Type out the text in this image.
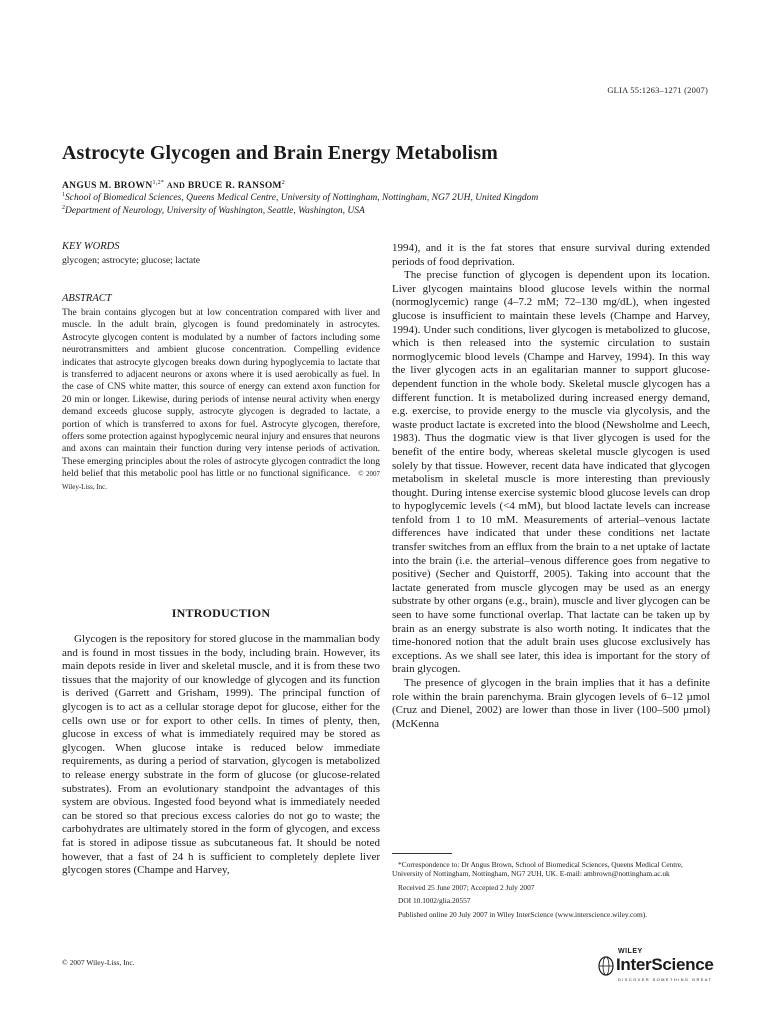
GLIA 55:1263–1271 (2007)
Astrocyte Glycogen and Brain Energy Metabolism
ANGUS M. $BROWN^{1,2*}$ AND BRUCE R. RANSOM$^2$
$^1$School of Biomedical Sciences, Queens Medical Centre, University of Nottingham, Nottingham, NG7 2UH, United Kingdom
$^2$Department of Neurology, University of Washington, Seattle, Washington, USA
KEY WORDS
glycogen; astrocyte; glucose; lactate
ABSTRACT
The brain contains glycogen but at low concentration compared with liver and muscle. In the adult brain, glycogen is found predominately in astrocytes. Astrocyte glycogen content is modulated by a number of factors including some neurotransmitters and ambient glucose concentration. Compelling evidence indicates that astrocyte glycogen breaks down during hypoglycemia to lactate that is transferred to adjacent neurons or axons where it is used aerobically as fuel. In the case of CNS white matter, this source of energy can extend axon function for 20 min or longer. Likewise, during periods of intense neural activity when energy demand exceeds glucose supply, astrocyte glycogen is degraded to lactate, a portion of which is transferred to axons for fuel. Astrocyte glycogen, therefore, offers some protection against hypoglycemic neural injury and ensures that neurons and axons can maintain their function during very intense periods of activation. These emerging principles about the roles of astrocyte glycogen contradict the long held belief that this metabolic pool has little or no functional significance. © 2007 Wiley-Liss, Inc.
INTRODUCTION

Glycogen is the repository for stored glucose in the mammalian body and is found in most tissues in the body, including brain. However, its main depots reside in liver and skeletal muscle, and it is from these two tissues that the majority of our knowledge of glycogen and its function is derived (Garrett and Grisham, 1999). The principal function of glycogen is to act as a cellular storage depot for glucose, either for the cells own use or for export to other cells. In times of plenty, then, glucose in excess of what is immediately required may be stored as glycogen. When glucose intake is reduced below immediate requirements, as during a period of starvation, glycogen is metabolized to release energy substrate in the form of glucose (or glucose-related substrates). From an evolutionary standpoint the advantages of this system are obvious. Ingested food beyond what is immediately needed can be stored so that precious excess calories do not go to waste; the carbohydrates are ultimately stored in the form of glycogen, and excess fat is stored in adipose tissue as subcutaneous fat. It should be noted however, that a fast of 24 h is sufficient to completely deplete liver glycogen stores (Champe and Harvey,

1994), and it is the fat stores that ensure survival during extended periods of food deprivation.

The precise function of glycogen is dependent upon its location. Liver glycogen maintains blood glucose levels within the normal (normoglycemic) range (4–7.2 mM; 72–130 mg/dL), when ingested glucose is insufficient to maintain these levels (Champe and Harvey, 1994). Under such conditions, liver glycogen is metabolized to glucose, which is then released into the systemic circulation to sustain normoglycemic blood levels (Champe and Harvey, 1994). In this way the liver glycogen acts in an egalitarian manner to support glucose-dependent function in the whole body. Skeletal muscle glycogen has a different function. It is metabolized during increased energy demand, e.g. exercise, to provide energy to the muscle via glycolysis, and the waste product lactate is excreted into the blood (Newsholme and Leech, 1983). Thus the dogmatic view is that liver glycogen is used for the benefit of the entire body, whereas skeletal muscle glycogen is used solely by that tissue. However, recent data have indicated that glycogen metabolism in skeletal muscle is more interesting than previously thought. During intense exercise systemic blood glucose levels can drop to hypoglycemic levels (<4 mM), but blood lactate levels can increase tenfold from 1 to 10 mM. Measurements of arterial–venous lactate differences have indicated that under these conditions net lactate transfer switches from an efflux from the brain to a net uptake of lactate into the brain (i.e. the arterial–venous difference goes from negative to positive) (Secher and Quistorff, 2005). Taking into account that the lactate generated from muscle glycogen may be used as an energy substrate by other organs (e.g., brain), muscle and liver glycogen can be seen to have some functional overlap. That lactate can be taken up by brain as an energy substrate is also worth noting. It indicates that the time-honored notion that the adult brain uses glucose exclusively has exceptions. As we shall see later, this idea is important for the story of brain glycogen.

The presence of glycogen in the brain implies that it has a definite role within the brain parenchyma. Brain glycogen levels of 6–12 µmol (Cruz and Dienel, 2002) are lower than those in liver (100–500 µmol) (McKenna

*Correspondence to: Dr Angus Brown, School of Biomedical Sciences, Queens Medical Centre, University of Nottingham, Nottingham, NG7 2UH, UK. E-mail: ambrown@nottingham.ac.uk

Received 25 June 2007; Accepted 2 July 2007

DOI 10.1002/glia.20557

Published online 20 July 2007 in Wiley InterScience (www.interscience.wiley.com).

© 2007 Wiley-Liss, Inc.
WILEY
InterScience
DISCOVER SOMETHING GREAT
